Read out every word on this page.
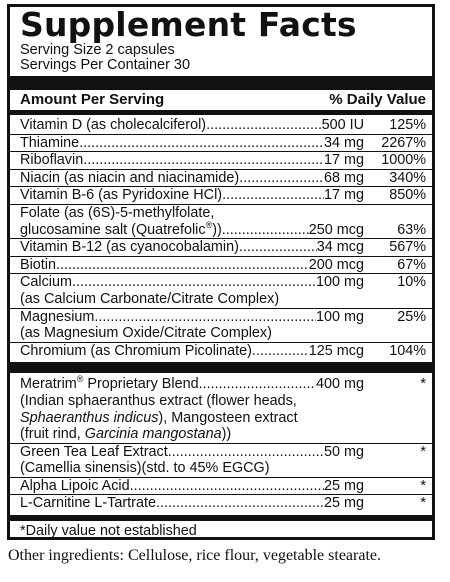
Supplement Facts
Serving Size 2 capsules
Servings Per Container 30
Amount Per Serving	% Daily Value
Vitamin D (as cholecalciferol) .....	500 IU	125%
Thiamine .....	34 mg	2267%
Riboflavin .....	17 mg	1000%
Niacin (as niacin and niacinamide) .....	68 mg	340%
Vitamin B-6 (as Pyridoxine HCl) .....	17 mg	850%
Folate (as (6S)-5-methylfolate,
glucosamine salt (Quatrefolic®)) .....	250 mcg	63%
Vitamin B-12 (as cyanocobalamin) .....	34 mcg	567%
Biotin .....	200 mcg	67%
Calcium .....	100 mg	10%
(as Calcium Carbonate/Citrate Complex)
Magnesium .....	100 mg	25%
(as Magnesium Oxide/Citrate Complex)
Chromium (as Chromium Picolinate) .....	125 mcg	104%
Meratrim® Proprietary Blend .....	400 mg	*
(Indian sphaeranthus extract (flower heads,
Sphaeranthus indicus), Mangosteen extract
(fruit rind, Garcinia mangostana))
Green Tea Leaf Extract .....	50 mg	*
(Camellia sinensis)(std. to 45% EGCG)
Alpha Lipoic Acid .....	25 mg	*
L-Carnitine L-Tartrate .....	25 mg	*
*Daily value not established
Other ingredients: Cellulose, rice flour, vegetable stearate.
